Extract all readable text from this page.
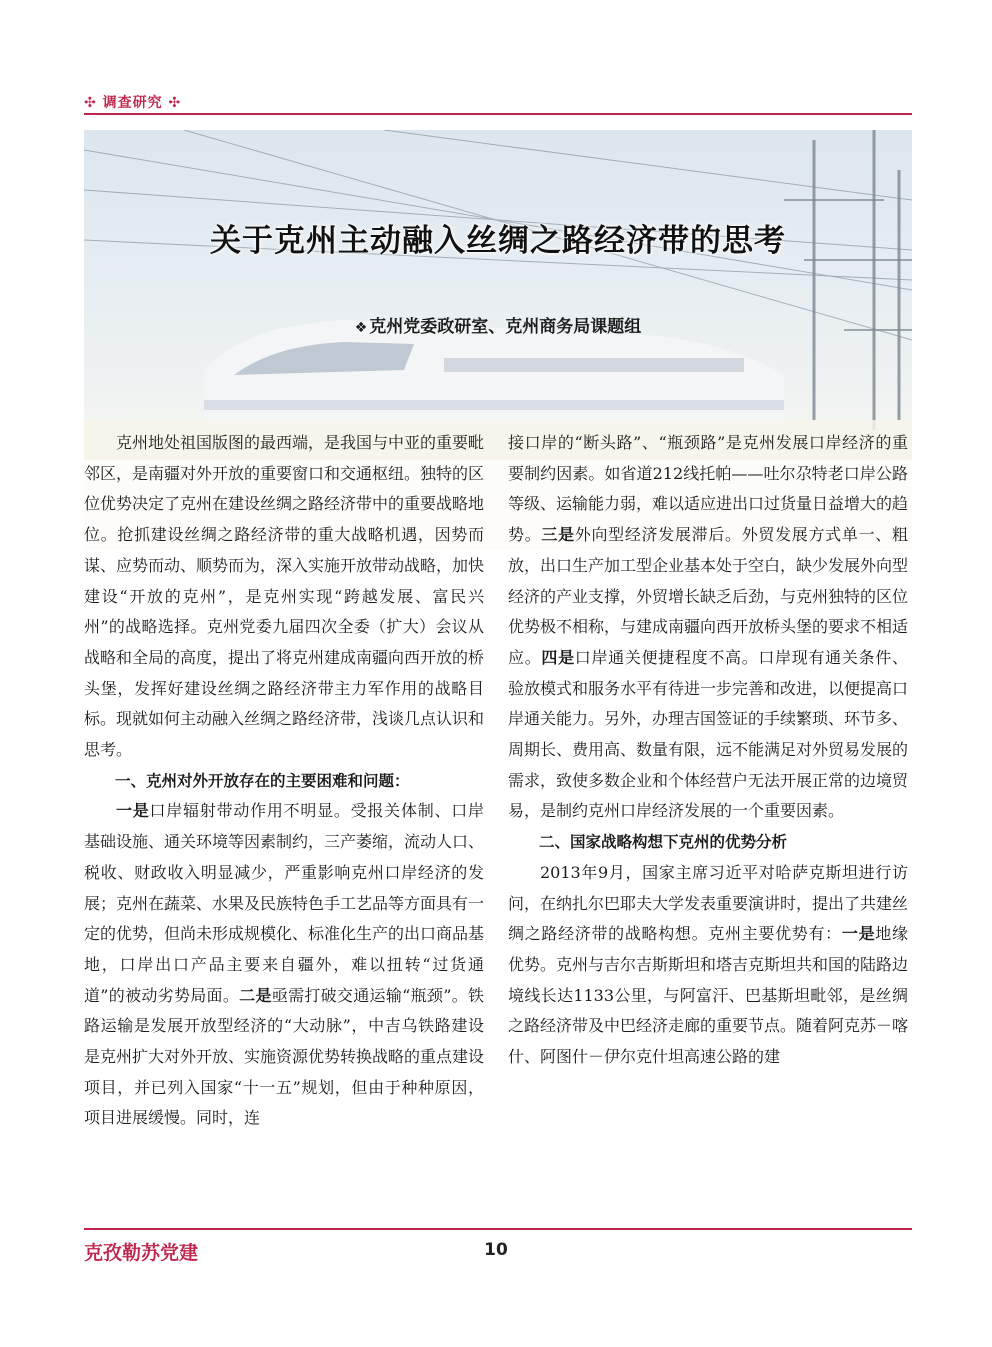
✣ 调查研究 ✣
关于克州主动融入丝绸之路经济带的思考
❖ 克州党委政研室、克州商务局课题组

克州地处祖国版图的最西端，是我国与中亚的重要毗邻区，是南疆对外开放的重要窗口和交通枢纽。独特的区位优势决定了克州在建设丝绸之路经济带中的重要战略地位。抢抓建设丝绸之路经济带的重大战略机遇，因势而谋、应势而动、顺势而为，深入实施开放带动战略，加快建设“开放的克州”，是克州实现“跨越发展、富民兴州”的战略选择。克州党委九届四次全委（扩大）会议从战略和全局的高度，提出了将克州建成南疆向西开放的桥头堡，发挥好建设丝绸之路经济带主力军作用的战略目标。现就如何主动融入丝绸之路经济带，浅谈几点认识和思考。

一、克州对外开放存在的主要困难和问题：

一是口岸辐射带动作用不明显。受报关体制、口岸基础设施、通关环境等因素制约，三产萎缩，流动人口、税收、财政收入明显减少，严重影响克州口岸经济的发展；克州在蔬菜、水果及民族特色手工艺品等方面具有一定的优势，但尚未形成规模化、标准化生产的出口商品基地，口岸出口产品主要来自疆外，难以扭转“过货通道”的被动劣势局面。二是亟需打破交通运输“瓶颈”。铁路运输是发展开放型经济的“大动脉”，中吉乌铁路建设是克州扩大对外开放、实施资源优势转换战略的重点建设项目，并已列入国家“十一五”规划，但由于种种原因，项目进展缓慢。同时，连

接口岸的“断头路”、“瓶颈路”是克州发展口岸经济的重要制约因素。如省道212线托帕——吐尔尕特老口岸公路等级、运输能力弱，难以适应进出口过货量日益增大的趋势。三是外向型经济发展滞后。外贸发展方式单一、粗放，出口生产加工型企业基本处于空白，缺少发展外向型经济的产业支撑，外贸增长缺乏后劲，与克州独特的区位优势极不相称，与建成南疆向西开放桥头堡的要求不相适应。四是口岸通关便捷程度不高。口岸现有通关条件、验放模式和服务水平有待进一步完善和改进，以便提高口岸通关能力。另外，办理吉国签证的手续繁琐、环节多、周期长、费用高、数量有限，远不能满足对外贸易发展的需求，致使多数企业和个体经营户无法开展正常的边境贸易，是制约克州口岸经济发展的一个重要因素。

二、国家战略构想下克州的优势分析

2013年9月，国家主席习近平对哈萨克斯坦进行访问，在纳扎尔巴耶夫大学发表重要演讲时，提出了共建丝绸之路经济带的战略构想。克州主要优势有：一是地缘优势。克州与吉尔吉斯斯坦和塔吉克斯坦共和国的陆路边境线长达1133公里，与阿富汗、巴基斯坦毗邻，是丝绸之路经济带及中巴经济走廊的重要节点。随着阿克苏－喀什、阿图什－伊尔克什坦高速公路的建

克孜勒苏党建	10
